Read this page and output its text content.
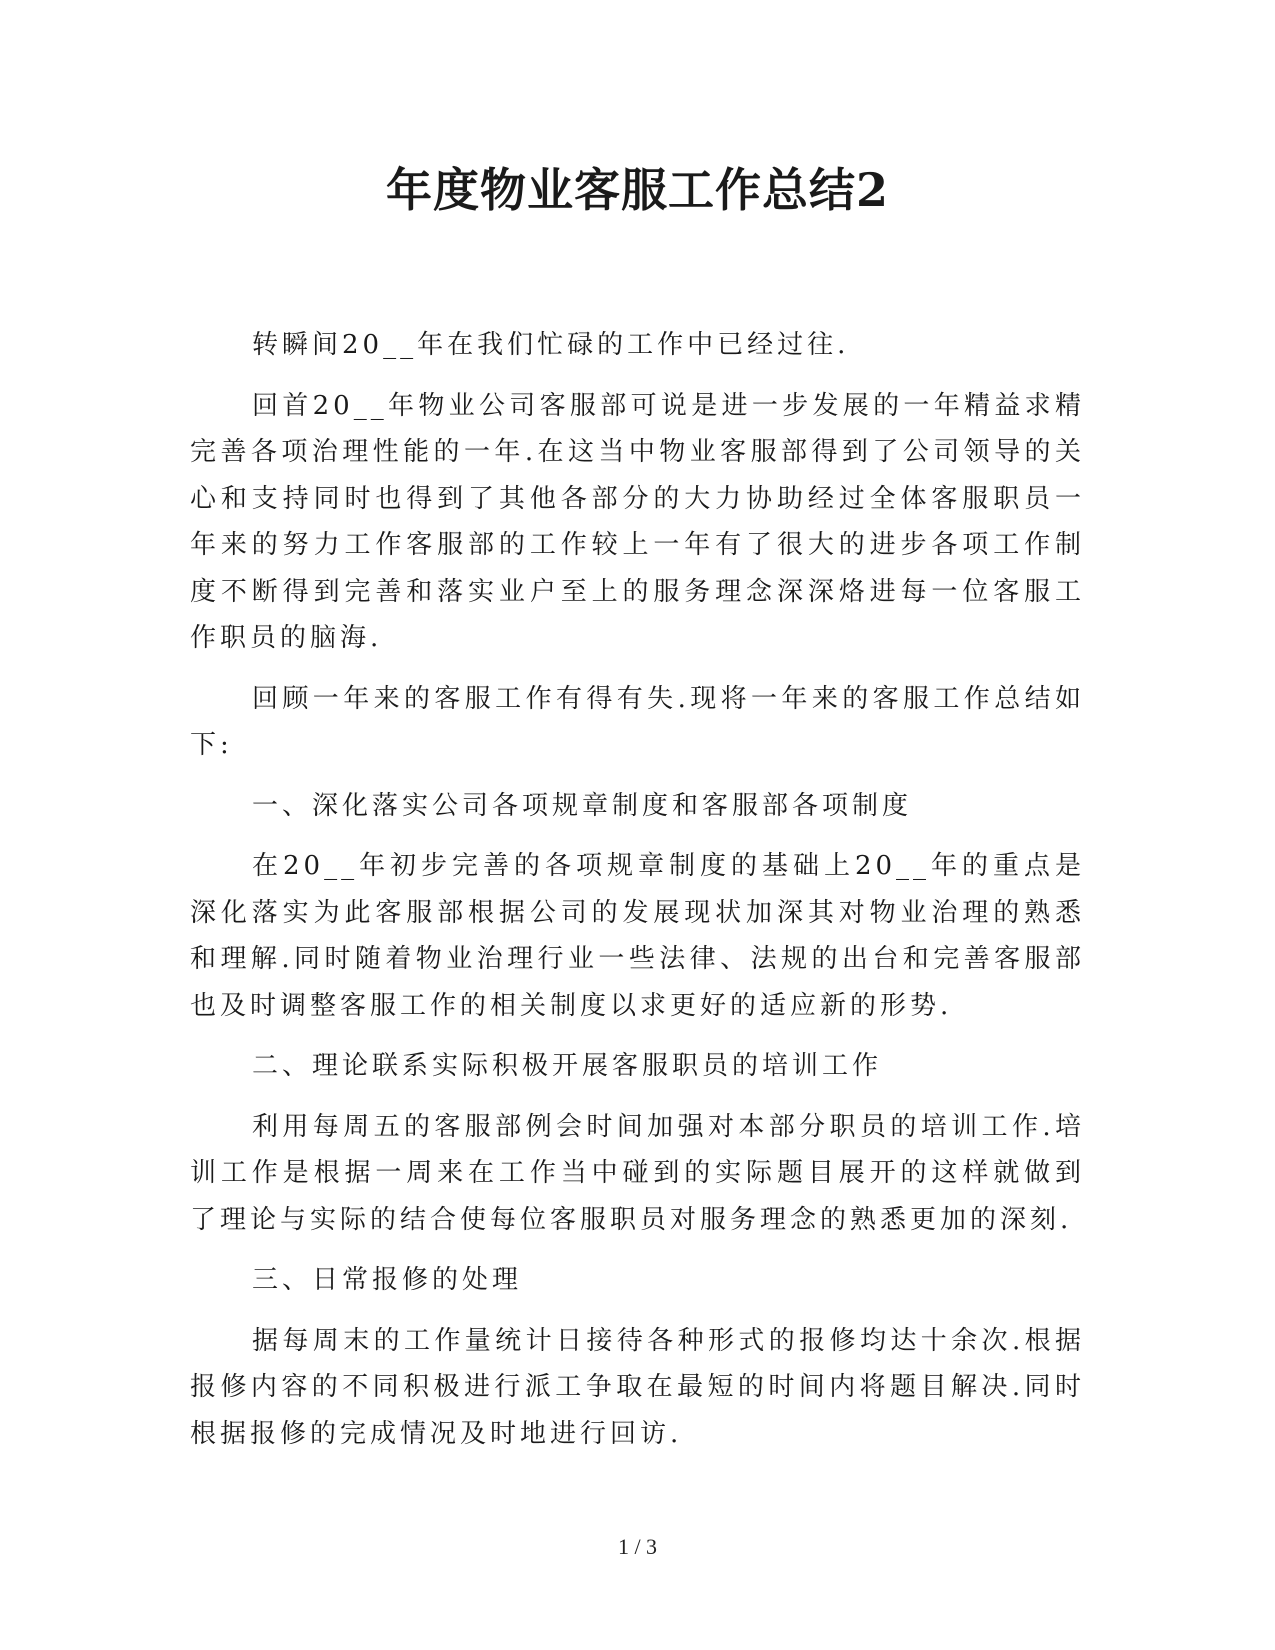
年度物业客服工作总结2

转瞬间20__年在我们忙碌的工作中已经过往.

回首20__年物业公司客服部可说是进一步发展的一年精益求精完善各项治理性能的一年.在这当中物业客服部得到了公司领导的关心和支持同时也得到了其他各部分的大力协助经过全体客服职员一年来的努力工作客服部的工作较上一年有了很大的进步各项工作制度不断得到完善和落实业户至上的服务理念深深烙进每一位客服工作职员的脑海.

回顾一年来的客服工作有得有失.现将一年来的客服工作总结如下:

一、深化落实公司各项规章制度和客服部各项制度

在20__年初步完善的各项规章制度的基础上20__年的重点是深化落实为此客服部根据公司的发展现状加深其对物业治理的熟悉和理解.同时随着物业治理行业一些法律、法规的出台和完善客服部也及时调整客服工作的相关制度以求更好的适应新的形势.

二、理论联系实际积极开展客服职员的培训工作

利用每周五的客服部例会时间加强对本部分职员的培训工作.培训工作是根据一周来在工作当中碰到的实际题目展开的这样就做到了理论与实际的结合使每位客服职员对服务理念的熟悉更加的深刻.

三、日常报修的处理

据每周末的工作量统计日接待各种形式的报修均达十余次.根据报修内容的不同积极进行派工争取在最短的时间内将题目解决.同时根据报修的完成情况及时地进行回访.

1 / 3
